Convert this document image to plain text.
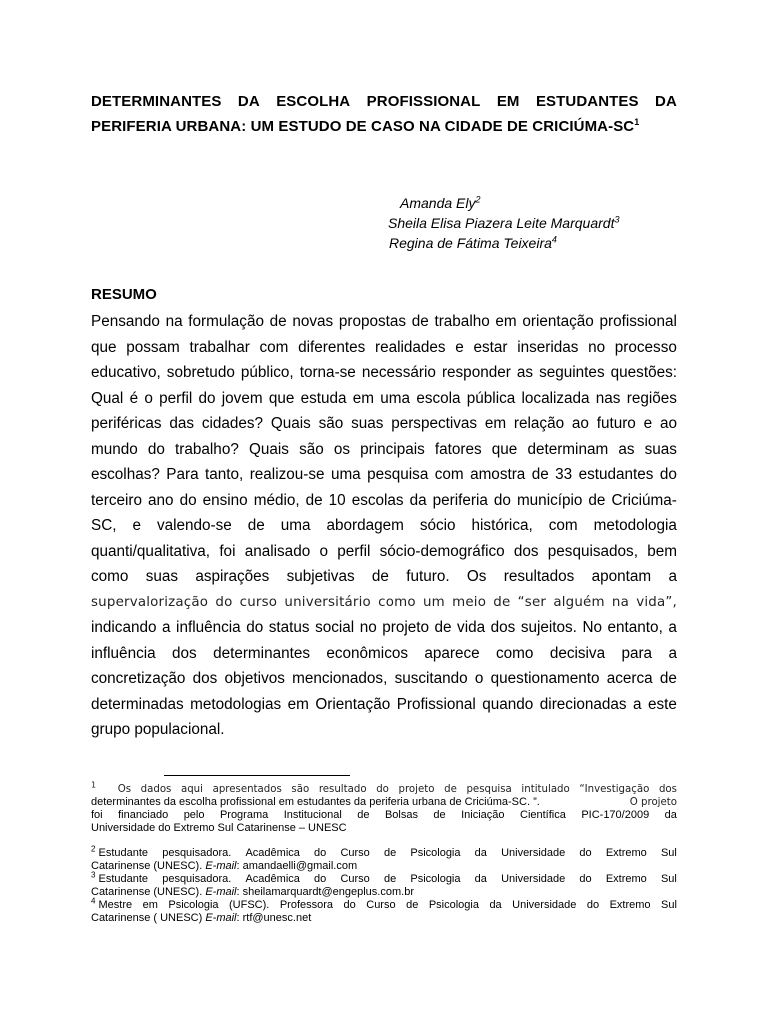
DETERMINANTES DA ESCOLHA PROFISSIONAL EM ESTUDANTES DA
PERIFERIA URBANA: UM ESTUDO DE CASO NA CIDADE DE CRICIÚMA-$SC^1$
Amanda Ely$^2$
Sheila Elisa Piazera Leite Marquardt$^3$
Regina de Fátima Teixeira$^4$
RESUMO
Pensando na formulação de novas propostas de trabalho em orientação profissional
que possam trabalhar com diferentes realidades e estar inseridas no processo
educativo, sobretudo público, torna-se necessário responder as seguintes questões:
Qual é o perfil do jovem que estuda em uma escola pública localizada nas regiões
periféricas das cidades? Quais são suas perspectivas em relação ao futuro e ao
mundo do trabalho? Quais são os principais fatores que determinam as suas
escolhas? Para tanto, realizou-se uma pesquisa com amostra de 33 estudantes do
terceiro ano do ensino médio, de 10 escolas da periferia do município de Criciúma-
SC, e valendo-se de uma abordagem sócio histórica, com metodologia
quanti/qualitativa, foi analisado o perfil sócio-demográfico dos pesquisados, bem
como suas aspirações subjetivas de futuro. Os resultados apontam a
supervalorização do curso universitário como um meio de “ser alguém na vida”,
indicando a influência do status social no projeto de vida dos sujeitos. No entanto, a
influência dos determinantes econômicos aparece como decisiva para a
concretização dos objetivos mencionados, suscitando o questionamento acerca de
determinadas metodologias em Orientação Profissional quando direcionadas a este
grupo populacional.
$^1$ Os dados aqui apresentados são resultado do projeto de pesquisa intitulado “Investigação dos
determinantes da escolha profissional em estudantes da periferia urbana de Criciúma-SC. ”.	O projeto
foi financiado pelo Programa Institucional de Bolsas de Iniciação Científica PIC-170/2009 da
Universidade do Extremo Sul Catarinense – UNESC
$^2$ Estudante pesquisadora. Acadêmica do Curso de Psicologia da Universidade do Extremo Sul
Catarinense (UNESC). E-mail: amandaelli@gmail.com
$^3$ Estudante pesquisadora. Acadêmica do Curso de Psicologia da Universidade do Extremo Sul
Catarinense (UNESC). E-mail: sheilamarquardt@engeplus.com.br
$^4$ Mestre em Psicologia (UFSC). Professora do Curso de Psicologia da Universidade do Extremo Sul
Catarinense ( UNESC) E-mail: rtf@unesc.net
